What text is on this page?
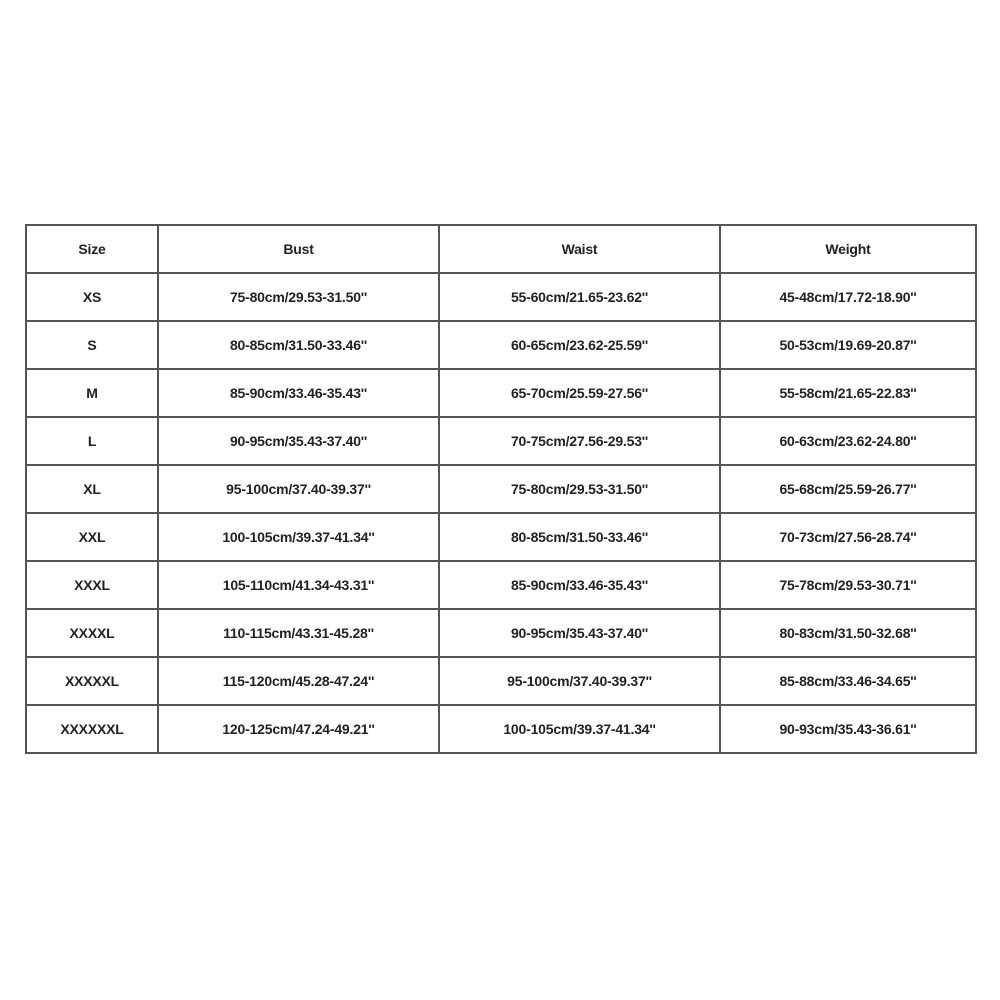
Size	Bust	Waist	Weight
XS	75-80cm/29.53-31.50''	55-60cm/21.65-23.62''	45-48cm/17.72-18.90''
S	80-85cm/31.50-33.46''	60-65cm/23.62-25.59''	50-53cm/19.69-20.87''
M	85-90cm/33.46-35.43''	65-70cm/25.59-27.56''	55-58cm/21.65-22.83''
L	90-95cm/35.43-37.40''	70-75cm/27.56-29.53''	60-63cm/23.62-24.80''
XL	95-100cm/37.40-39.37''	75-80cm/29.53-31.50''	65-68cm/25.59-26.77''
XXL	100-105cm/39.37-41.34''	80-85cm/31.50-33.46''	70-73cm/27.56-28.74''
XXXL	105-110cm/41.34-43.31''	85-90cm/33.46-35.43''	75-78cm/29.53-30.71''
XXXXL	110-115cm/43.31-45.28''	90-95cm/35.43-37.40''	80-83cm/31.50-32.68''
XXXXXL	115-120cm/45.28-47.24''	95-100cm/37.40-39.37''	85-88cm/33.46-34.65''
XXXXXXL	120-125cm/47.24-49.21''	100-105cm/39.37-41.34''	90-93cm/35.43-36.61''
